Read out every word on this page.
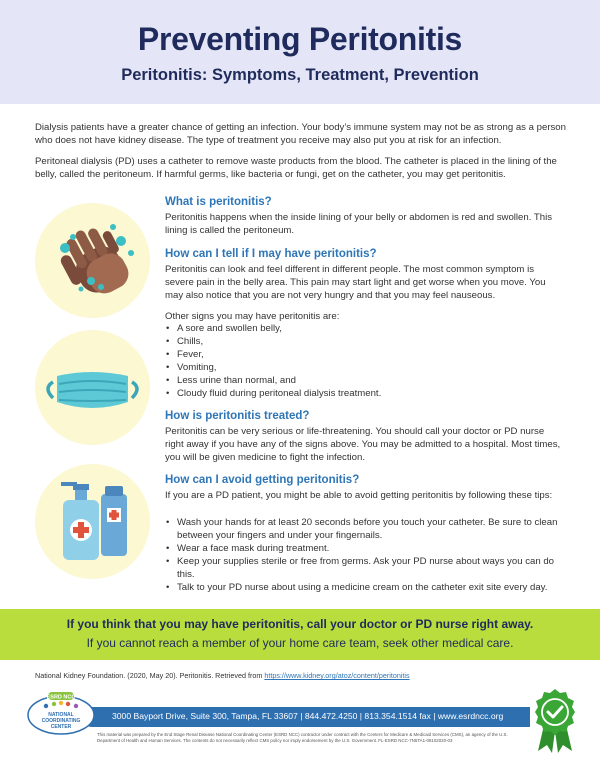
Preventing Peritonitis
Peritonitis: Symptoms, Treatment, Prevention

Dialysis patients have a greater chance of getting an infection. Your body’s immune system may not be as strong as a person who does not have kidney disease. The type of treatment you receive may also put you at risk for an infection.

Peritoneal dialysis (PD) uses a catheter to remove waste products from the blood. The catheter is placed in the lining of the belly, called the peritoneum. If harmful germs, like bacteria or fungi, get on the catheter, you may get peritonitis.

What is peritonitis?

Peritonitis happens when the inside lining of your belly or abdomen is red and swollen. This lining is called the peritoneum.

How can I tell if I may have peritonitis?

Peritonitis can look and feel different in different people. The most common symptom is severe pain in the belly area. This pain may start light and get worse when you move. You may also notice that you are not very hungry and that you may feel nauseous.

Other signs you may have peritonitis are:

• A sore and swollen belly,
• Chills,
• Fever,
• Vomiting,
• Less urine than normal, and
• Cloudy fluid during peritoneal dialysis treatment.
How is peritonitis treated?

Peritonitis can be very serious or life-threatening. You should call your doctor or PD nurse right away if you have any of the signs above. You may be admitted to a hospital. Most times, you will be given medicine to fight the infection.

How can I avoid getting peritonitis?

If you are a PD patient, you might be able to avoid getting peritonitis by following these tips:

• Wash your hands for at least 20 seconds before you touch your catheter. Be sure to clean between your fingers and under your fingernails.
• Wear a face mask during treatment.
• Keep your supplies sterile or free from germs. Ask your PD nurse about ways you can do this.
• Talk to your PD nurse about using a medicine cream on the catheter exit site every day.
If you think that you may have peritonitis, call your doctor or PD nurse right away.
If you cannot reach a member of your home care team, seek other medical care.
National Kidney Foundation. (2020, May 20). Peritonitis. Retrieved from https://www.kidney.org/atoz/content/peritonitis
3000 Bayport Drive, Suite 300, Tampa, FL 33607 | 844.472.4250 | 813.354.1514 fax | www.esrdncc.org
ESRD NCC
NATIONAL
COORDINATING
CENTER

This material was prepared by the End Stage Renal Disease National Coordinating Center (ESRD NCC) contractor under contract with the Centers for Medicare & Medicaid Services (CMS), an agency of the U.S. Department of Health and Human Services. The contents do not necessarily reflect CMS policy nor imply endorsement by the U.S. Government. FL-ESRD NCC-7N5TA1-08102020-03
